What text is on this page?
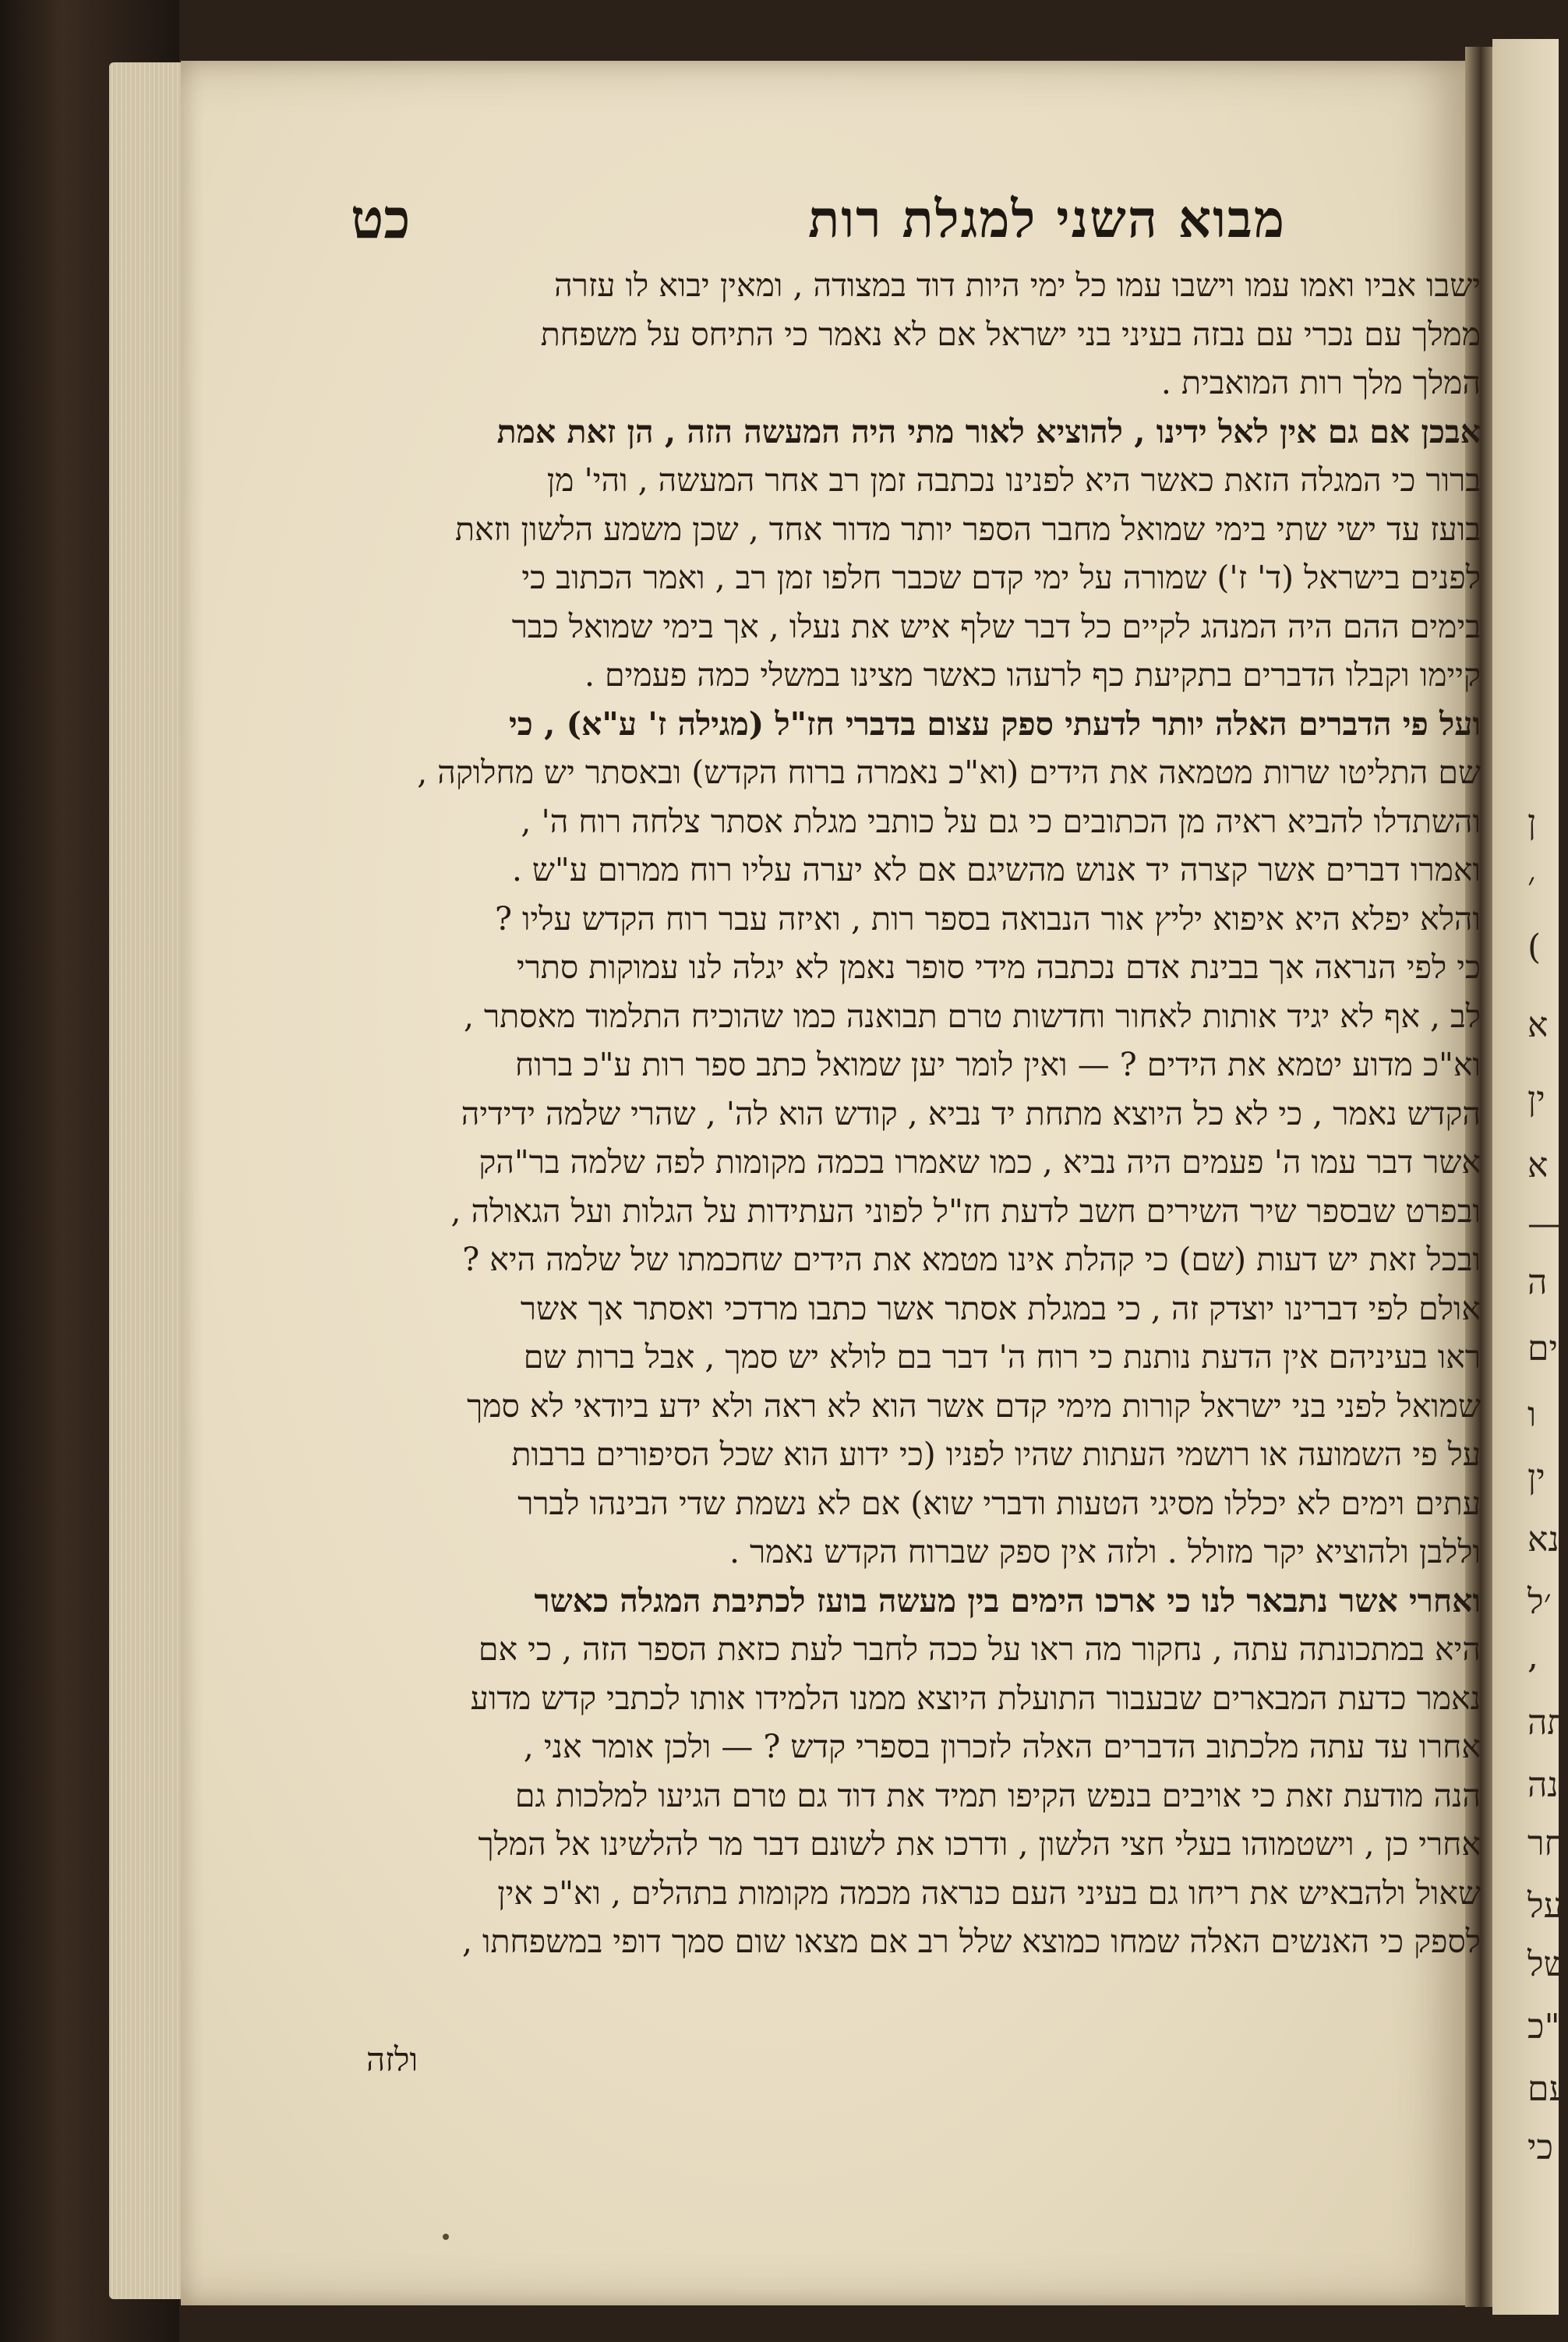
ן
׳
)
א
ין
א
—
ה
ים
ו
ין
נא
׳ל
,
תה
נה
חר
על
של
"כ
עם
כי
מבוא השני למגלת רות
כט
ישבו אביו ואמו עמו וישבו עמו כל ימי היות דוד במצודה , ומאין יבוא לו עזרה
ממלך עם נכרי עם נבזה בעיני בני ישראל אם לא נאמר כי התיחס על משפחת
המלך מלך רות המואבית .
אבכן אם גם אין לאל ידינו , להוציא לאור מתי היה המעשה הזה , הן זאת אמת
ברור כי המגלה הזאת כאשר היא לפנינו נכתבה זמן רב אחר המעשה , והי' מן
בועז עד ישי שתי בימי שמואל מחבר הספר יותר מדור אחד , שכן משמע הלשון וזאת
לפנים בישראל (ד' ז') שמורה על ימי קדם שכבר חלפו זמן רב , ואמר הכתוב כי
בימים ההם היה המנהג לקיים כל דבר שלף איש את נעלו , אך בימי שמואל כבר
קיימו וקבלו הדברים בתקיעת כף לרעהו כאשר מצינו במשלי כמה פעמים .
ועל פי הדברים האלה יותר לדעתי ספק עצום בדברי חז"ל (מגילה ז' ע"א) , כי
שם התליטו שרות מטמאה את הידים (וא"כ נאמרה ברוח הקדש) ובאסתר יש מחלוקה ,
והשתדלו להביא ראיה מן הכתובים כי גם על כותבי מגלת אסתר צלחה רוח ה' ,
ואמרו דברים אשר קצרה יד אנוש מהשיגם אם לא יערה עליו רוח ממרום ע"ש .
והלא יפלא היא איפוא יליץ אור הנבואה בספר רות , ואיזה עבר רוח הקדש עליו ?
כי לפי הנראה אך בבינת אדם נכתבה מידי סופר נאמן לא יגלה לנו עמוקות סתרי
לב , אף לא יגיד אותות לאחור וחדשות טרם תבואנה כמו שהוכיח התלמוד מאסתר ,
וא"כ מדוע יטמא את הידים ? — ואין לומר יען שמואל כתב ספר רות ע"כ ברוח
הקדש נאמר , כי לא כל היוצא מתחת יד נביא , קודש הוא לה' , שהרי שלמה ידידיה
אשר דבר עמו ה' פעמים היה נביא , כמו שאמרו בכמה מקומות לפה שלמה בר"הק
ובפרט שבספר שיר השירים חשב לדעת חז"ל לפוני העתידות על הגלות ועל הגאולה ,
ובכל זאת יש דעות (שם) כי קהלת אינו מטמא את הידים שחכמתו של שלמה היא ?
אולם לפי דברינו יוצדק זה , כי במגלת אסתר אשר כתבו מרדכי ואסתר אך אשר
ראו בעיניהם אין הדעת נותנת כי רוח ה' דבר בם לולא יש סמך , אבל ברות שם
שמואל לפני בני ישראל קורות מימי קדם אשר הוא לא ראה ולא ידע ביודאי לא סמך
על פי השמועה או רושמי העתות שהיו לפניו (כי ידוע הוא שכל הסיפורים ברבות
עתים וימים לא יכללו מסיגי הטעות ודברי שוא) אם לא נשמת שדי הבינהו לברר
וללבן ולהוציא יקר מזולל . ולזה אין ספק שברוח הקדש נאמר .
ואחרי אשר נתבאר לנו כי ארכו הימים בין מעשה בועז לכתיבת המגלה כאשר
היא במתכונתה עתה , נחקור מה ראו על ככה לחבר לעת כזאת הספר הזה , כי אם
נאמר כדעת המבארים שבעבור התועלת היוצא ממנו הלמידו אותו לכתבי קדש מדוע
אחרו עד עתה מלכתוב הדברים האלה לזכרון בספרי קדש ? — ולכן אומר אני ,
הנה מודעת זאת כי אויבים בנפש הקיפו תמיד את דוד גם טרם הגיעו למלכות גם
אחרי כן , וישטמוהו בעלי חצי הלשון , ודרכו את לשונם דבר מר להלשינו אל המלך
שאול ולהבאיש את ריחו גם בעיני העם כנראה מכמה מקומות בתהלים , וא"כ אין
לספק כי האנשים האלה שמחו כמוצא שלל רב אם מצאו שום סמך דופי במשפחתו ,
ולזה
